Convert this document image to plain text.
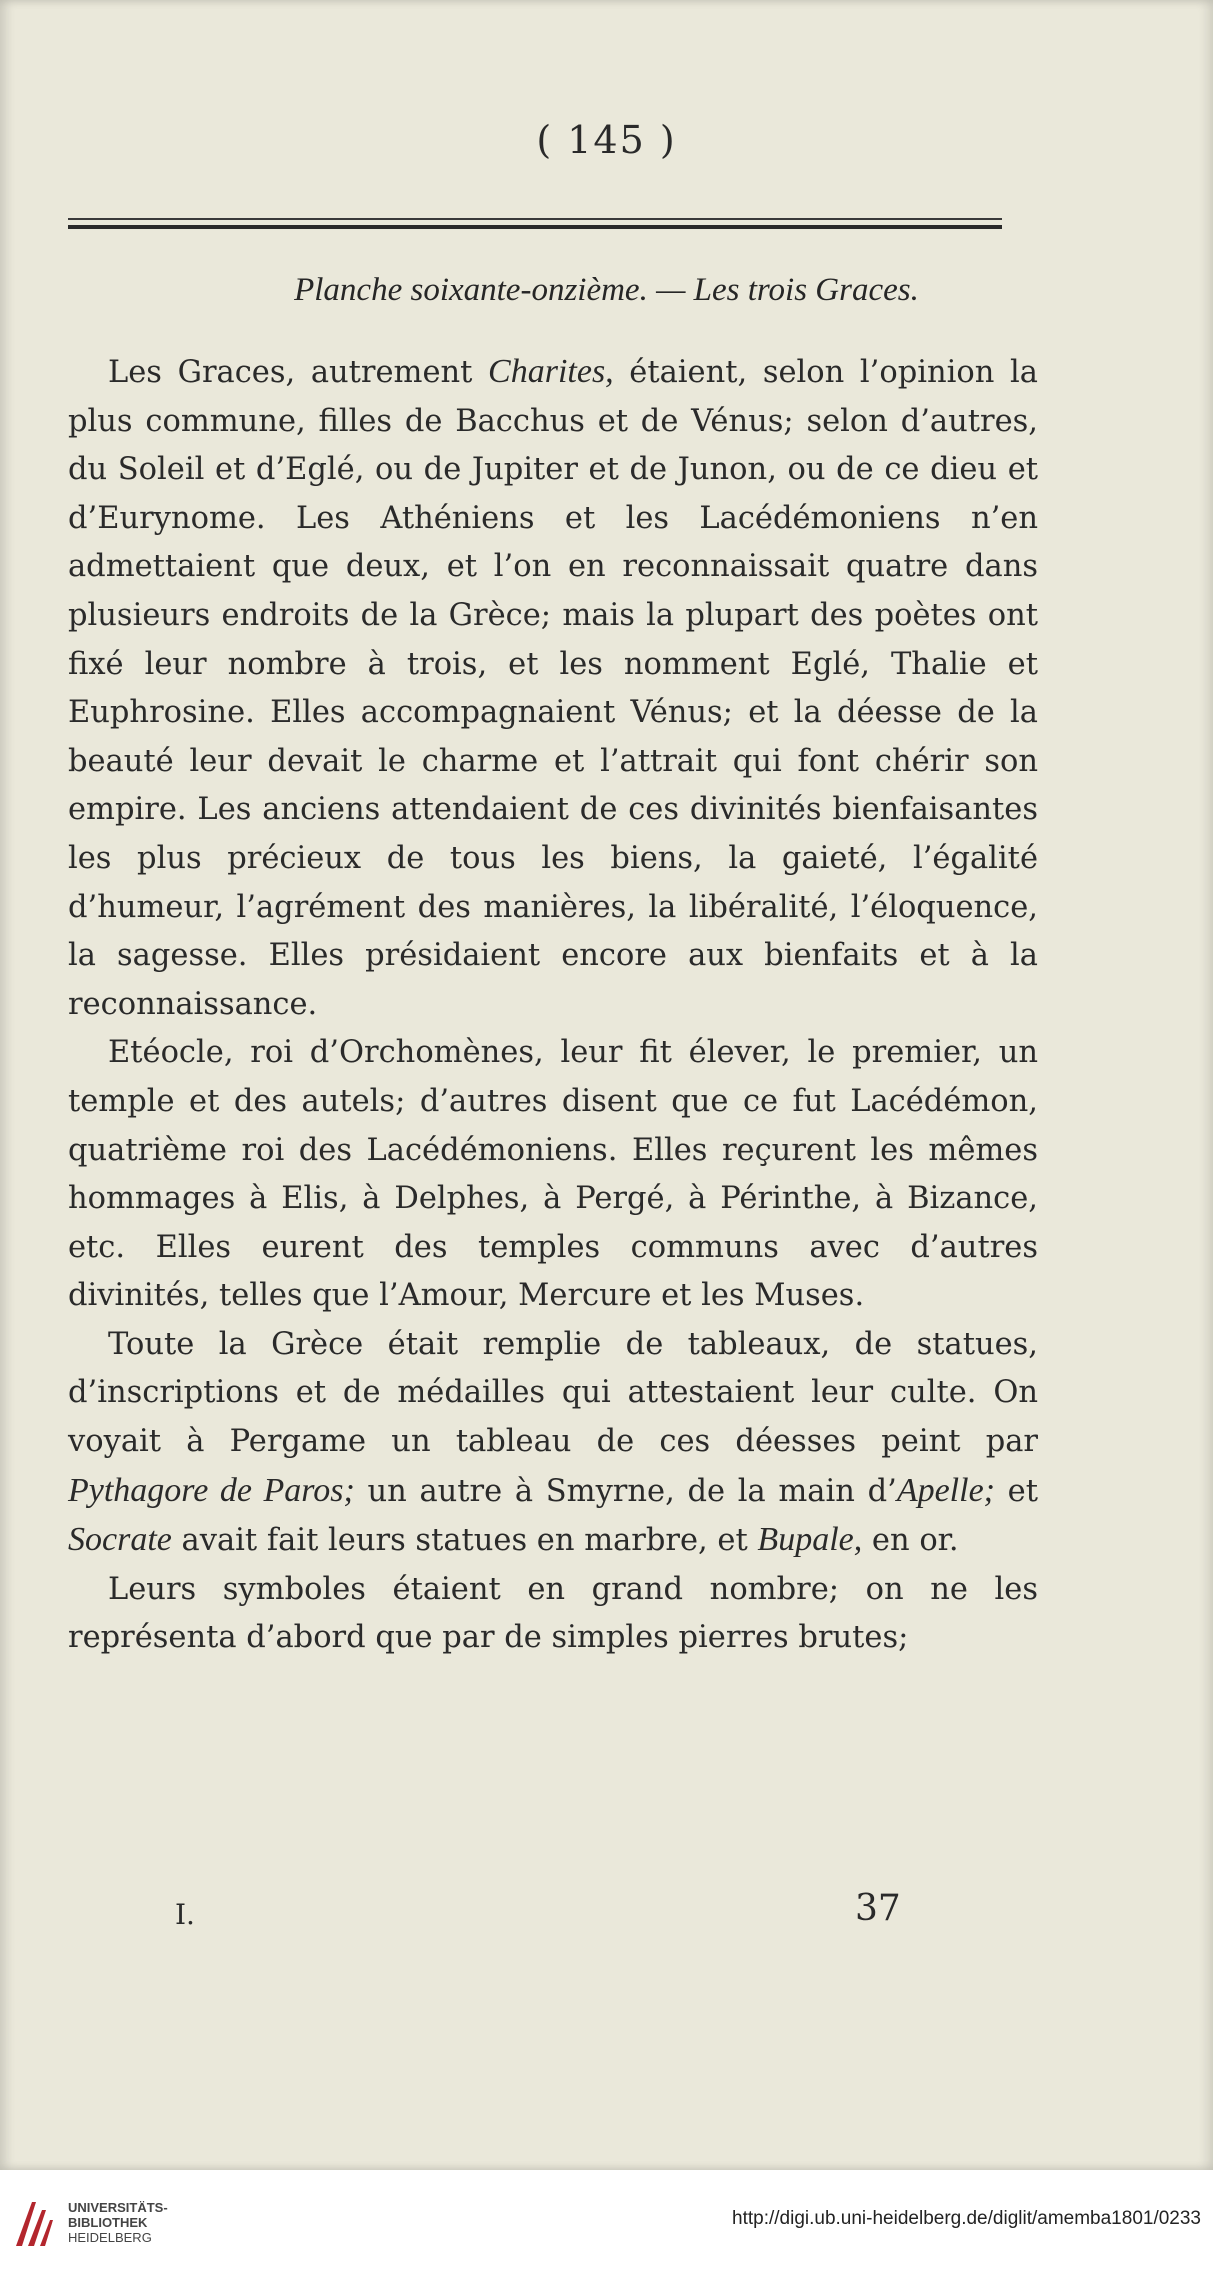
( 145 )
Planche soixante-onzième. — Les trois Graces.

Les Graces, autrement Charites, étaient, selon l’opinion la plus commune, filles de Bacchus et de Vénus; selon d’autres, du Soleil et d’Eglé, ou de Jupiter et de Junon, ou de ce dieu et d’Eurynome. Les Athéniens et les Lacédémoniens n’en admettaient que deux, et l’on en reconnaissait quatre dans plusieurs endroits de la Grèce; mais la plupart des poètes ont fixé leur nombre à trois, et les nomment Eglé, Thalie et Euphrosine. Elles accompagnaient Vénus; et la déesse de la beauté leur devait le charme et l’attrait qui font chérir son empire. Les anciens attendaient de ces divinités bienfaisantes les plus précieux de tous les biens, la gaieté, l’égalité d’humeur, l’agrément des manières, la libéralité, l’éloquence, la sagesse. Elles présidaient encore aux bienfaits et à la reconnaissance.

Etéocle, roi d’Orchomènes, leur fit élever, le premier, un temple et des autels; d’autres disent que ce fut Lacédémon, quatrième roi des Lacédémoniens. Elles reçurent les mêmes hommages à Elis, à Delphes, à Pergé, à Périnthe, à Bizance, etc. Elles eurent des temples communs avec d’autres divinités, telles que l’Amour, Mercure et les Muses.

Toute la Grèce était remplie de tableaux, de statues, d’inscriptions et de médailles qui attestaient leur culte. On voyait à Pergame un tableau de ces déesses peint par Pythagore de Paros; un autre à Smyrne, de la main d’Apelle; et Socrate avait fait leurs statues en marbre, et Bupale, en or.

Leurs symboles étaient en grand nombre; on ne les représenta d’abord que par de simples pierres brutes;

I.	37
UNIVERSITÄTS-
BIBLIOTHEK
HEIDELBERG
http://digi.ub.uni-heidelberg.de/diglit/amemba1801/0233
